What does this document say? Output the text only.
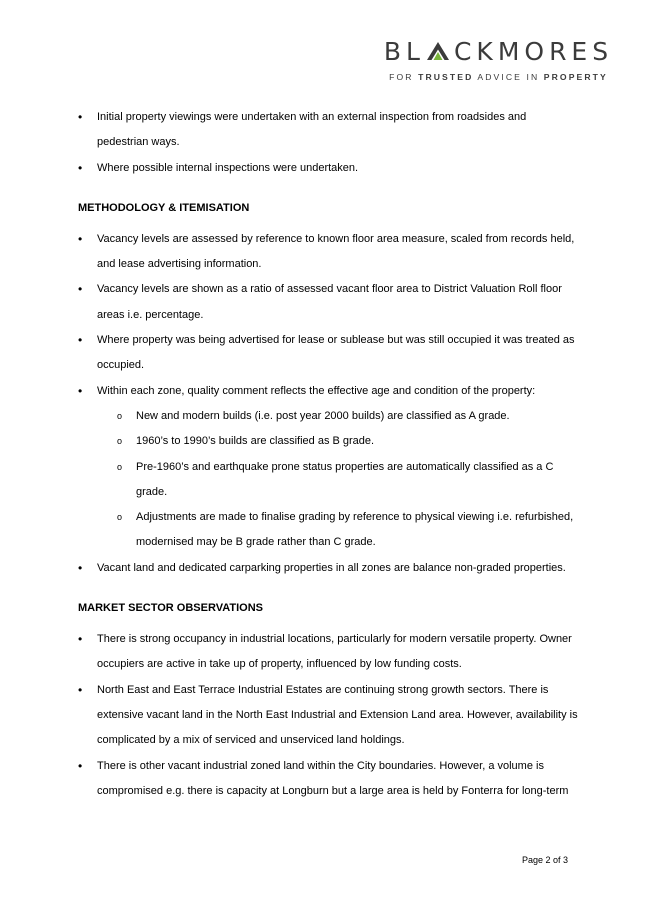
BL CKMORES
FOR TRUSTED ADVICE IN PROPERTY
• Initial property viewings were undertaken with an external inspection from roadsides and pedestrian ways.
• Where possible internal inspections were undertaken.
METHODOLOGY & ITEMISATION
• Vacancy levels are assessed by reference to known floor area measure, scaled from records held, and lease advertising information.
• Vacancy levels are shown as a ratio of assessed vacant floor area to District Valuation Roll floor areas i.e. percentage.
• Where property was being advertised for lease or sublease but was still occupied it was treated as occupied.
• Within each zone, quality comment reflects the effective age and condition of the property:
o New and modern builds (i.e. post year 2000 builds) are classified as A grade.
o 1960’s to 1990’s builds are classified as B grade.
o Pre-1960’s and earthquake prone status properties are automatically classified as a C grade.
o Adjustments are made to finalise grading by reference to physical viewing i.e. refurbished, modernised may be B grade rather than C grade.
• Vacant land and dedicated carparking properties in all zones are balance non-graded properties.
MARKET SECTOR OBSERVATIONS
• There is strong occupancy in industrial locations, particularly for modern versatile property. Owner occupiers are active in take up of property, influenced by low funding costs.
• North East and East Terrace Industrial Estates are continuing strong growth sectors. There is extensive vacant land in the North East Industrial and Extension Land area. However, availability is complicated by a mix of serviced and unserviced land holdings.
• There is other vacant industrial zoned land within the City boundaries. However, a volume is compromised e.g. there is capacity at Longburn but a large area is held by Fonterra for long-term
Page 2 of 3
